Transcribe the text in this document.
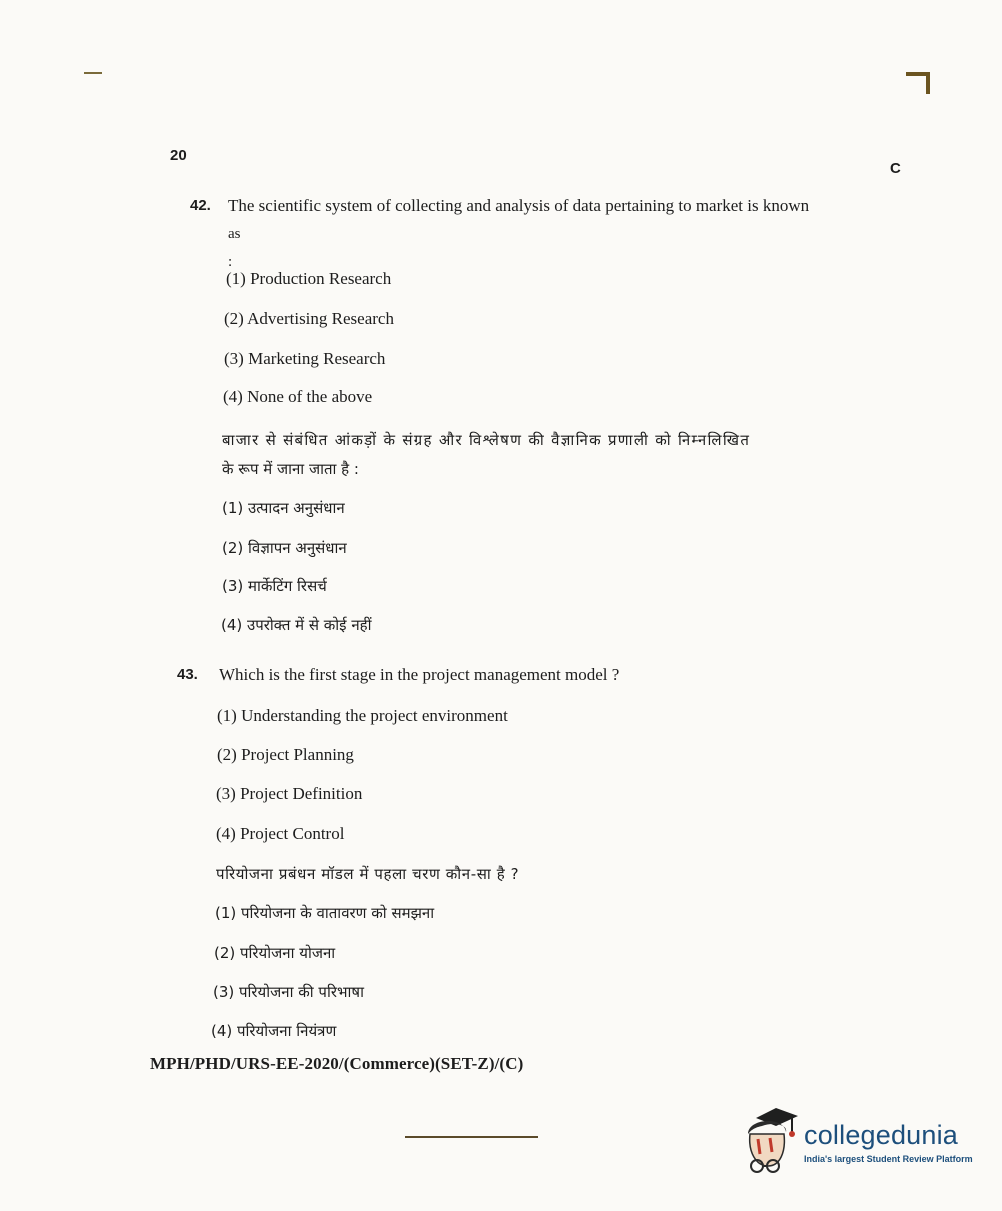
20
C
42. The scientific system of collecting and analysis of data pertaining to market is known
as :
(1) Production Research
(2) Advertising Research
(3) Marketing Research
(4) None of the above
बाजार से संबंधित आंकड़ों के संग्रह और विश्लेषण की वैज्ञानिक प्रणाली को निम्नलिखित
के रूप में जाना जाता है :
(1) उत्पादन अनुसंधान
(2) विज्ञापन अनुसंधान
(3) मार्केटिंग रिसर्च
(4) उपरोक्त में से कोई नहीं
43. Which is the first stage in the project management model ?
(1) Understanding the project environment
(2) Project Planning
(3) Project Definition
(4) Project Control
परियोजना प्रबंधन मॉडल में पहला चरण कौन-सा है ?
(1) परियोजना के वातावरण को समझना
(2) परियोजना योजना
(3) परियोजना की परिभाषा
(4) परियोजना नियंत्रण
MPH/PHD/URS-EE-2020/(Commerce)(SET-Z)/(C)
collegedunia
India's largest Student Review Platform
